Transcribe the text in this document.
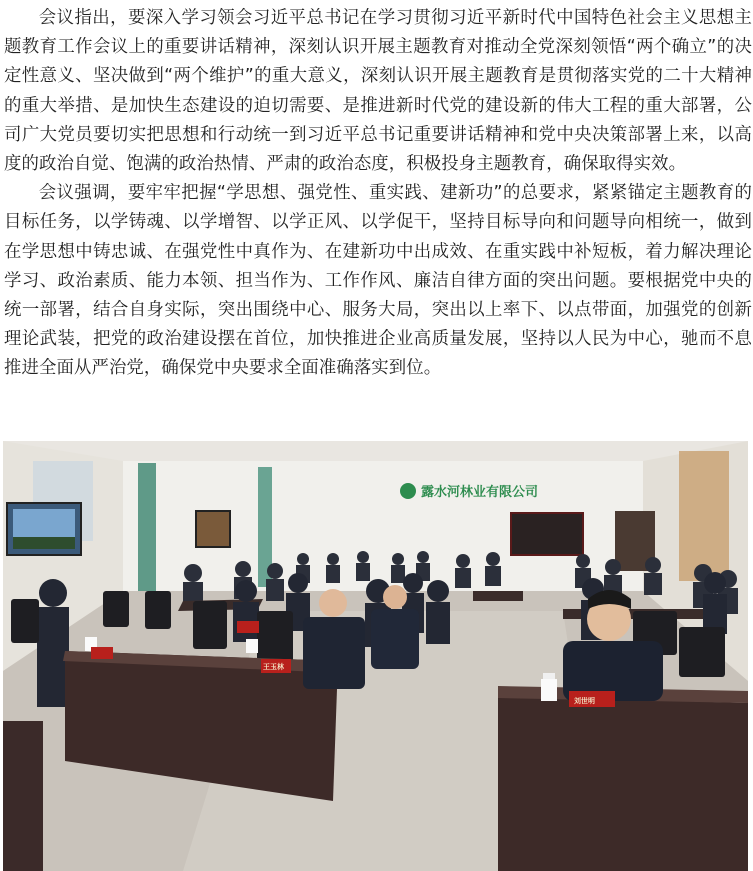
会议指出，要深入学习领会习近平总书记在学习贯彻习近平新时代中国特色社会主义思想主题教育工作会议上的重要讲话精神，深刻认识开展主题教育对推动全党深刻领悟“两个确立”的决定性意义、坚决做到“两个维护”的重大意义，深刻认识开展主题教育是贯彻落实党的二十大精神的重大举措、是加快生态建设的迫切需要、是推进新时代党的建设新的伟大工程的重大部署，公司广大党员要切实把思想和行动统一到习近平总书记重要讲话精神和党中央决策部署上来，以高度的政治自觉、饱满的政治热情、严肃的政治态度，积极投身主题教育，确保取得实效。

会议强调，要牢牢把握“学思想、强党性、重实践、建新功”的总要求，紧紧锚定主题教育的目标任务，以学铸魂、以学增智、以学正风、以学促干，坚持目标导向和问题导向相统一，做到在学思想中铸忠诚、在强党性中真作为、在建新功中出成效、在重实践中补短板，着力解决理论学习、政治素质、能力本领、担当作为、工作作风、廉洁自律方面的突出问题。要根据党中央的统一部署，结合自身实际，突出围绕中心、服务大局，突出以上率下、以点带面，加强党的创新理论武装，把党的政治建设摆在首位，加快推进企业高质量发展，坚持以人民为中心，驰而不息推进全面从严治党，确保党中央要求全面准确落实到位。

露水河林业有限公司
王玉林
刘世明
